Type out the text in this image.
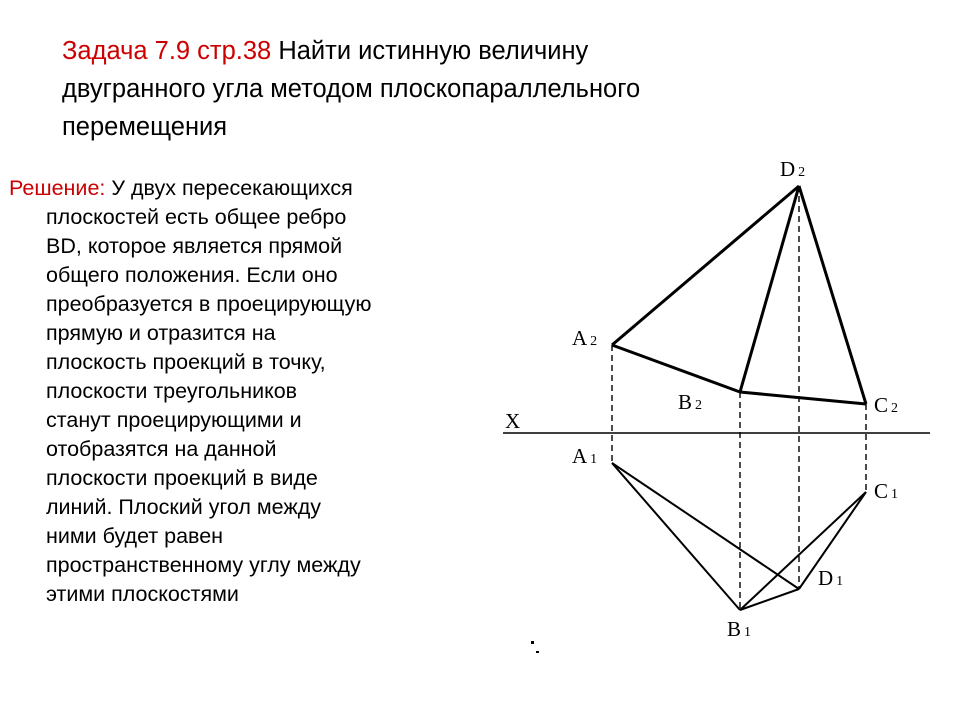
Задача 7.9 стр.38 Найти истинную величину
двугранного угла методом плоскопараллельного
перемещения
Решение: У двух пересекающихся
плоскостей есть общее ребро
BD, которое является прямой
общего положения. Если оно
преобразуется в проецирующую
прямую и отразится на
плоскость проекций в точку,
плоскости треугольников
станут проецирующими и
отобразятся на данной
плоскости проекций в виде
линий. Плоский угол между
ними будет равен
пространственному углу между
этими плоскостями
X
D 2
A 2
B 2	C 2
A 1
C 1
D 1
B 1
